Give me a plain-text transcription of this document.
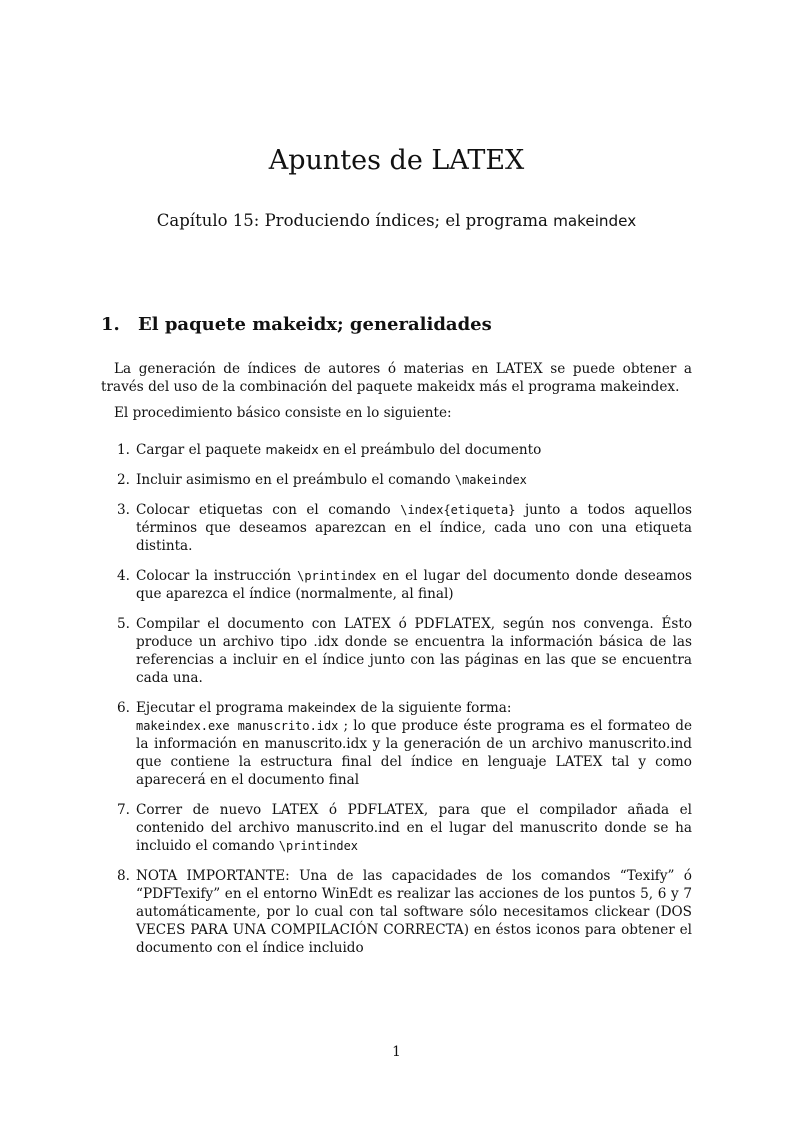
Apuntes de LATEX

Capítulo 15: Produciendo índices; el programa makeindex

1. El paquete makeidx; generalidades

La generación de índices de autores ó materias en LATEX se puede obtener a través del uso de la combinación del paquete makeidx más el programa makeindex.

El procedimiento básico consiste en lo siguiente:

1. Cargar el paquete makeidx en el preámbulo del documento
2. Incluir asimismo en el preámbulo el comando \makeindex
3. Colocar etiquetas con el comando \index{etiqueta} junto a todos aquellos términos que deseamos aparezcan en el índice, cada uno con una etiqueta distinta.
4. Colocar la instrucción \printindex en el lugar del documento donde deseamos que aparezca el índice (normalmente, al final)
5. Compilar el documento con LATEX ó PDFLATEX, según nos convenga. Ésto produce un archivo tipo .idx donde se encuentra la información básica de las referencias a incluir en el índice junto con las páginas en las que se encuentra cada una.
6. Ejecutar el programa makeindex de la siguiente forma:
makeindex.exe manuscrito.idx ; lo que produce éste programa es el formateo de la información en manuscrito.idx y la generación de un archivo manuscrito.ind que contiene la estructura final del índice en lenguaje LATEX tal y como aparecerá en el documento final
7. Correr de nuevo LATEX ó PDFLATEX, para que el compilador añada el contenido del archivo manuscrito.ind en el lugar del manuscrito donde se ha incluido el comando \printindex
8. NOTA IMPORTANTE: Una de las capacidades de los comandos “Texify” ó “PDFTexify” en el entorno WinEdt es realizar las acciones de los puntos 5, 6 y 7 automáticamente, por lo cual con tal software sólo necesitamos clickear (DOS VECES PARA UNA COMPILACIÓN CORRECTA) en éstos iconos para obtener el documento con el índice incluido
1
